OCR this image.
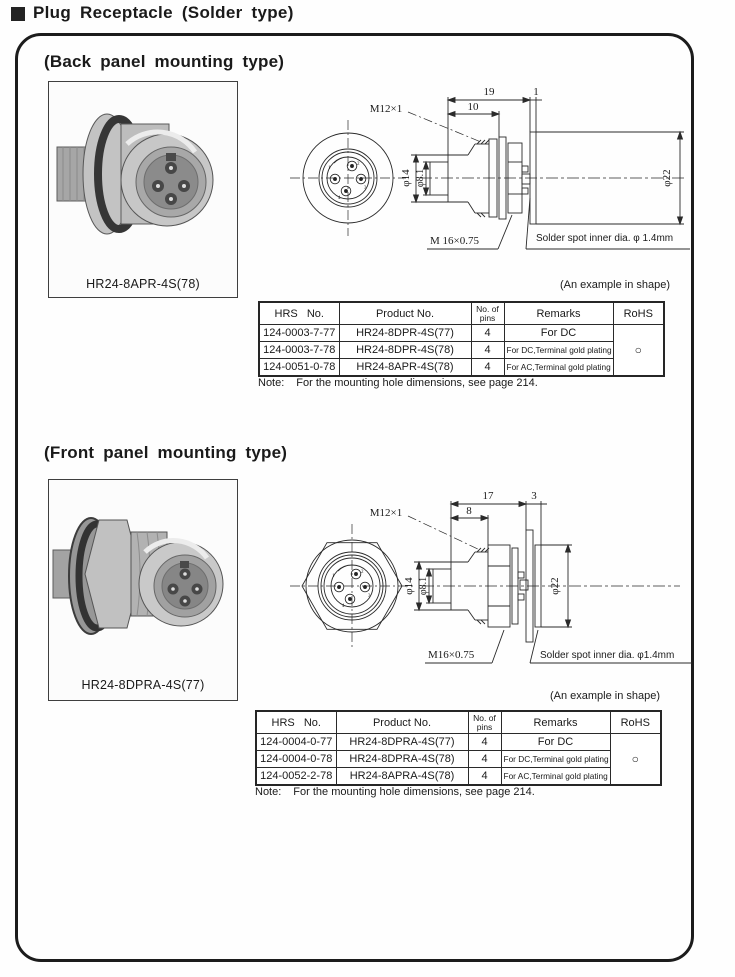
Plug Receptacle (Solder type)
(Back panel mounting type)
HR24-8APR-4S(78)
19	1
10
M12×1
φ14 φ8.1	φ22
M 16×0.75	Solder spot inner dia. φ 1.4mm
1
2
3
4
(An example in shape)
HRS No.	Product No.	No. of
pins	Remarks	RoHS
124-0003-7-77	HR24-8DPR-4S(77)	4	For DC	○
124-0003-7-78	HR24-8DPR-4S(78)	4	For DC,Terminal gold plating	
124-0051-0-78	HR24-8APR-4S(78)	4	For AC,Terminal gold plating	
Note: For the mounting hole dimensions, see page 214.
(Front panel mounting type)
HR24-8DPRA-4S(77)
17	3
8
M12×1
φ14 φ8.1	φ22
M16×0.75	Solder spot inner dia. φ1.4mm
1
2
3
4
(An example in shape)
HRS No.	Product No.	No. of
pins	Remarks	RoHS
124-0004-0-77	HR24-8DPRA-4S(77)	4	For DC	○
124-0004-0-78	HR24-8DPRA-4S(78)	4	For DC,Terminal gold plating	
124-0052-2-78	HR24-8APRA-4S(78)	4	For AC,Terminal gold plating	
Note: For the mounting hole dimensions, see page 214.
